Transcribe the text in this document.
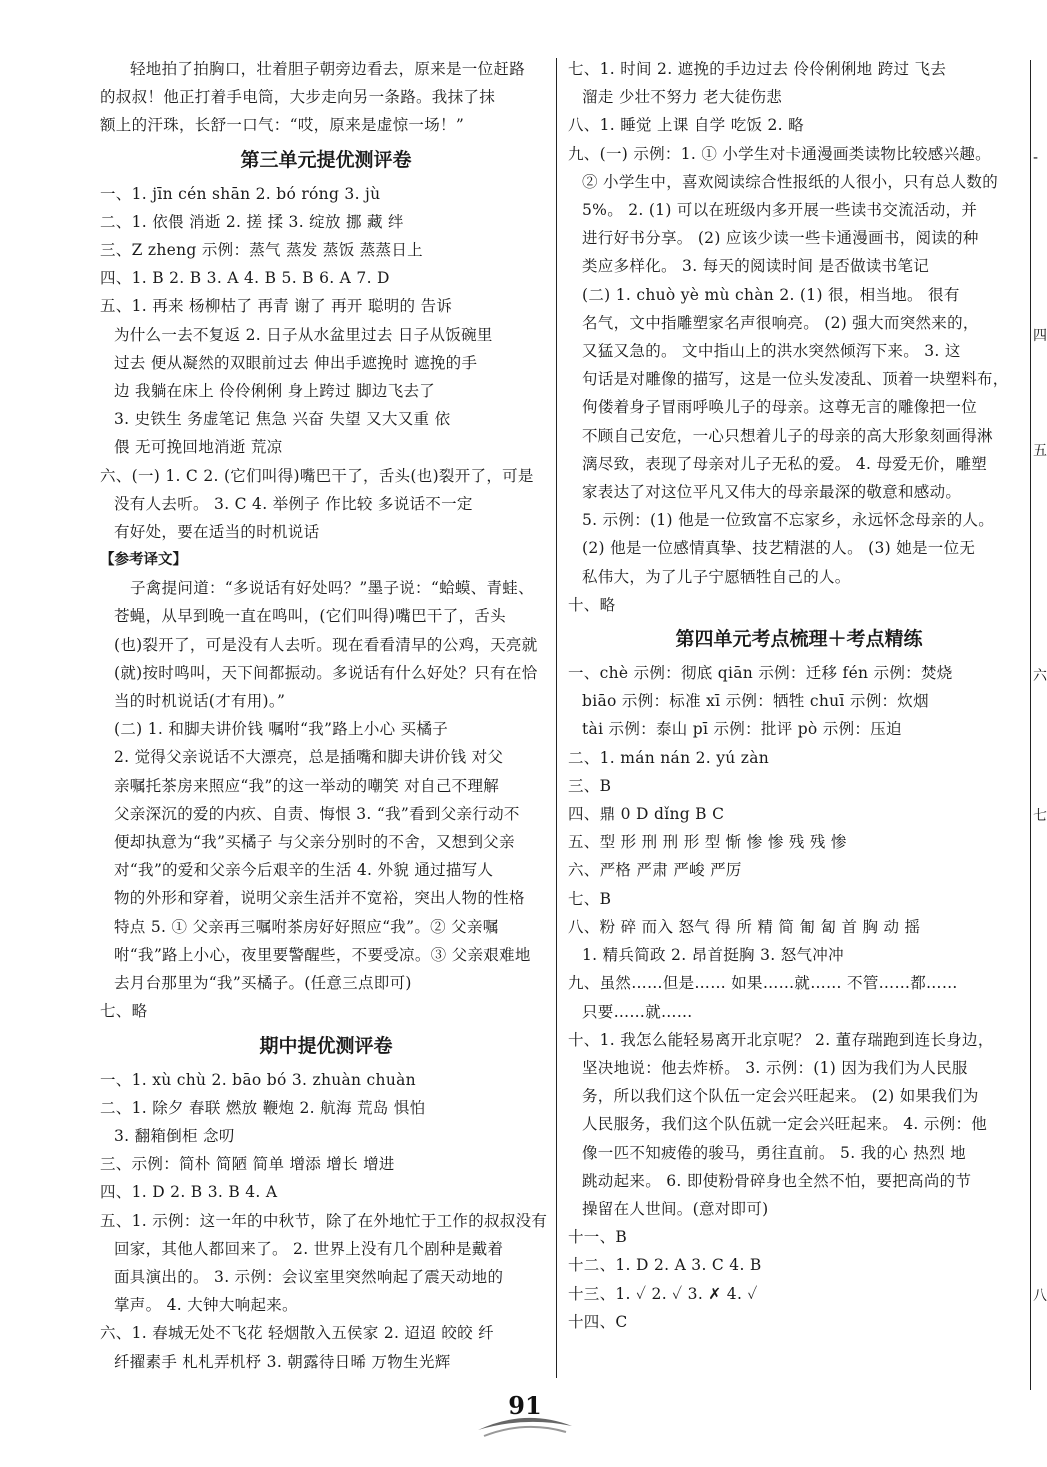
轻地拍了拍胸口，壮着胆子朝旁边看去，原来是一位赶路
的叔叔！他正打着手电筒，大步走向另一条路。我抹了抹
额上的汗珠，长舒一口气：“哎，原来是虚惊一场！”
第三单元提优测评卷
一、1. jīn cén shān 2. bó róng 3. jù
二、1. 依偎 消逝 2. 搓 揉 3. 绽放 挪 藏 绊
三、Z zheng 示例：蒸气 蒸发 蒸饭 蒸蒸日上
四、1. B 2. B 3. A 4. B 5. B 6. A 7. D
五、1. 再来 杨柳枯了 再青 谢了 再开 聪明的 告诉
为什么一去不复返 2. 日子从水盆里过去 日子从饭碗里
过去 便从凝然的双眼前过去 伸出手遮挽时 遮挽的手
边 我躺在床上 伶伶俐俐 身上跨过 脚边飞去了
3. 史铁生 务虚笔记 焦急 兴奋 失望 又大又重 依
偎 无可挽回地消逝 荒凉
六、(一) 1. C 2. (它们叫得)嘴巴干了，舌头(也)裂开了，可是
没有人去听。 3. C 4. 举例子 作比较 多说话不一定
有好处，要在适当的时机说话
【参考译文】
子禽提问道：“多说话有好处吗？”墨子说：“蛤蟆、青蛙、
苍蝇，从早到晚一直在鸣叫，(它们叫得)嘴巴干了，舌头
(也)裂开了，可是没有人去听。现在看看清早的公鸡，天亮就
(就)按时鸣叫，天下间都振动。多说话有什么好处？只有在恰
当的时机说话(才有用)。”
(二) 1. 和脚夫讲价钱 嘱咐“我”路上小心 买橘子
2. 觉得父亲说话不大漂亮，总是插嘴和脚夫讲价钱 对父
亲嘱托茶房来照应“我”的这一举动的嘲笑 对自己不理解
父亲深沉的爱的内疚、自责、悔恨 3. “我”看到父亲行动不
便却执意为“我”买橘子 与父亲分别时的不舍，又想到父亲
对“我”的爱和父亲今后艰辛的生活 4. 外貌 通过描写人
物的外形和穿着，说明父亲生活并不宽裕，突出人物的性格
特点 5. ① 父亲再三嘱咐茶房好好照应“我”。② 父亲嘱
咐“我”路上小心，夜里要警醒些，不要受凉。③ 父亲艰难地
去月台那里为“我”买橘子。(任意三点即可)
七、略
期中提优测评卷
一、1. xù chù 2. bāo bó 3. zhuàn chuàn
二、1. 除夕 春联 燃放 鞭炮 2. 航海 荒岛 惧怕
3. 翻箱倒柜 念叨
三、示例：简朴 简陋 简单 增添 增长 增进
四、1. D 2. B 3. B 4. A
五、1. 示例：这一年的中秋节，除了在外地忙于工作的叔叔没有
回家，其他人都回来了。 2. 世界上没有几个剧种是戴着
面具演出的。 3. 示例：会议室里突然响起了震天动地的
掌声。 4. 大钟大响起来。
六、1. 春城无处不飞花 轻烟散入五侯家 2. 迢迢 皎皎 纤
纤擢素手 札札弄机杼 3. 朝露待日晞 万物生光辉
七、1. 时间 2. 遮挽的手边过去 伶伶俐俐地 跨过 飞去
溜走 少壮不努力 老大徒伤悲
八、1. 睡觉 上课 自学 吃饭 2. 略
九、(一) 示例：1. ① 小学生对卡通漫画类读物比较感兴趣。
② 小学生中，喜欢阅读综合性报纸的人很小，只有总人数的
5%。 2. (1) 可以在班级内多开展一些读书交流活动，并
进行好书分享。 (2) 应该少读一些卡通漫画书，阅读的种
类应多样化。 3. 每天的阅读时间 是否做读书笔记
(二) 1. chuò yè mù chàn 2. (1) 很，相当地。 很有
名气，文中指雕塑家名声很响亮。 (2) 强大而突然来的，
又猛又急的。 文中指山上的洪水突然倾泻下来。 3. 这
句话是对雕像的描写，这是一位头发凌乱、顶着一块塑料布，
佝偻着身子冒雨呼唤儿子的母亲。这尊无言的雕像把一位
不顾自己安危，一心只想着儿子的母亲的高大形象刻画得淋
漓尽致，表现了母亲对儿子无私的爱。 4. 母爱无价，雕塑
家表达了对这位平凡又伟大的母亲最深的敬意和感动。
5. 示例：(1) 他是一位致富不忘家乡，永远怀念母亲的人。
(2) 他是一位感情真挚、技艺精湛的人。 (3) 她是一位无
私伟大，为了儿子宁愿牺牲自己的人。
十、略
第四单元考点梳理＋考点精练
一、chè 示例：彻底 qiān 示例：迁移 fén 示例：焚烧
biāo 示例：标准 xī 示例：牺牲 chuī 示例：炊烟
tài 示例：泰山 pī 示例：批评 pò 示例：压迫
二、1. mán nán 2. yú zàn
三、B
四、鼎 0 D dǐng B C
五、型 形 刑 刑 形 型 惭 惨 惨 残 残 惨
六、严格 严肃 严峻 严厉
七、B
八、粉 碎 而入 怒气 得 所 精 简 匍 匐 首 胸 动 摇
1. 精兵简政 2. 昂首挺胸 3. 怒气冲冲
九、虽然……但是…… 如果……就…… 不管……都……
只要……就……
十、1. 我怎么能轻易离开北京呢？ 2. 董存瑞跑到连长身边，
坚决地说：他去炸桥。 3. 示例：(1) 因为我们为人民服
务，所以我们这个队伍一定会兴旺起来。 (2) 如果我们为
人民服务，我们这个队伍就一定会兴旺起来。 4. 示例：他
像一匹不知疲倦的骏马，勇往直前。 5. 我的心 热烈 地
跳动起来。 6. 即使粉骨碎身也全然不怕，要把高尚的节
操留在人世间。(意对即可)
十一、B
十二、1. D 2. A 3. C 4. B
十三、1. ✓ 2. ✓ 3. ✗ 4. ✓
十四、C
-
四
五
六
七
八
91
